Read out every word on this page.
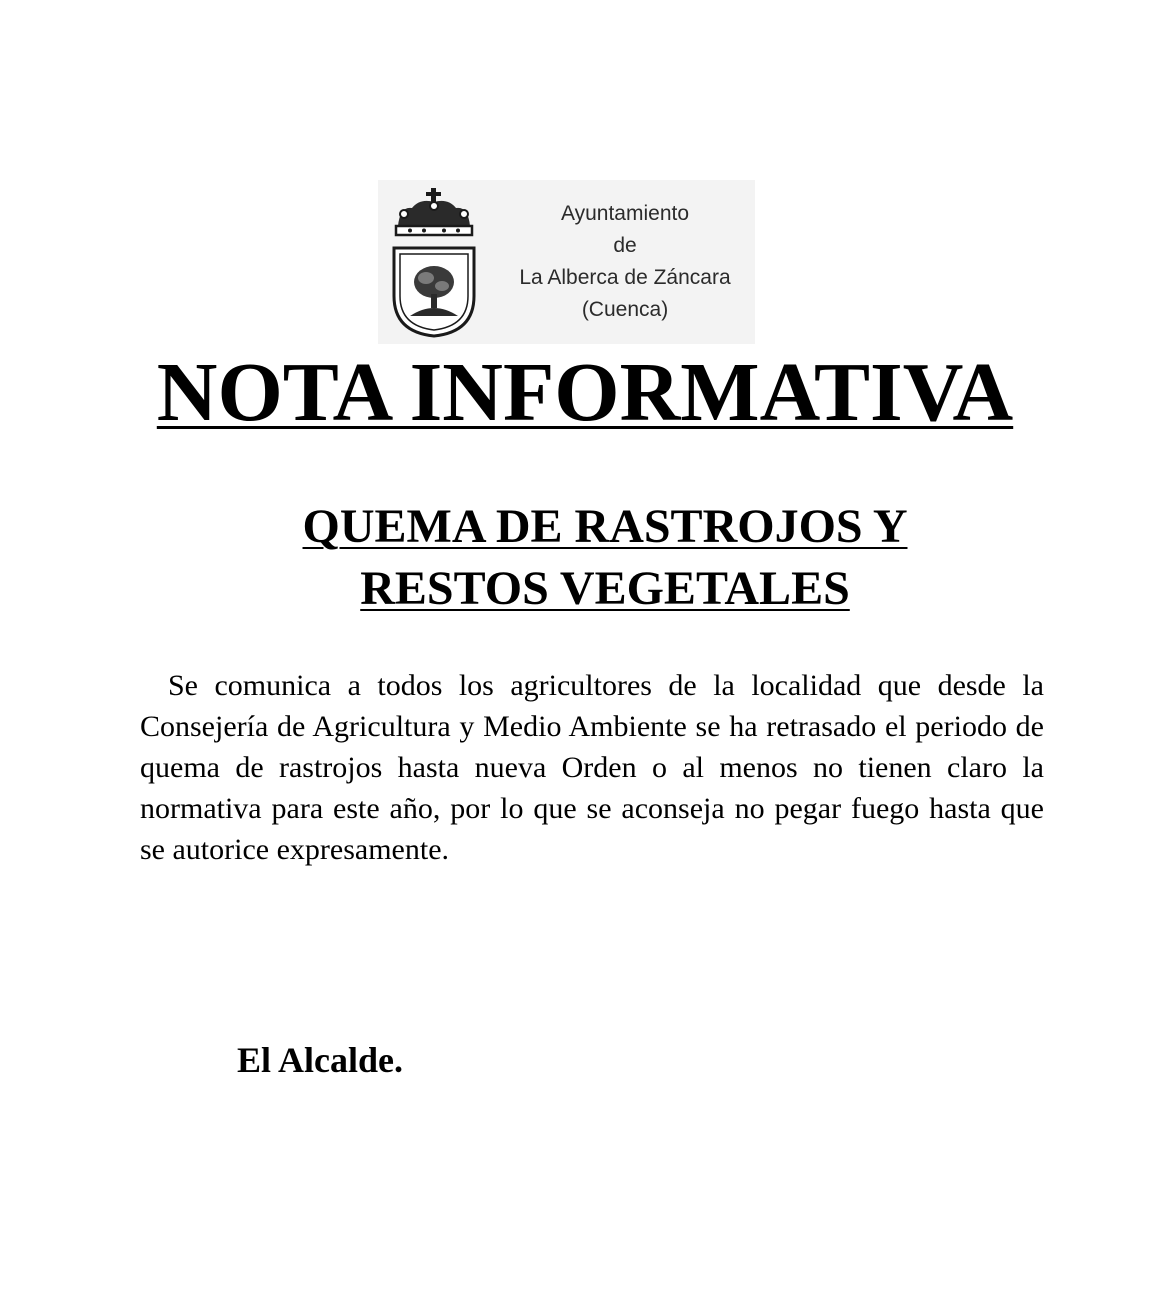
Ayuntamiento
de
La Alberca de Záncara
(Cuenca)
NOTA INFORMATIVA
QUEMA DE RASTROJOS Y
RESTOS VEGETALES

Se comunica a todos los agricultores de la localidad que desde la Consejería de Agricultura y Medio Ambiente se ha retrasado el periodo de quema de rastrojos hasta nueva Orden o al menos no tienen claro la normativa para este año, por lo que se aconseja no pegar fuego hasta que se autorice expresamente.

El Alcalde.
